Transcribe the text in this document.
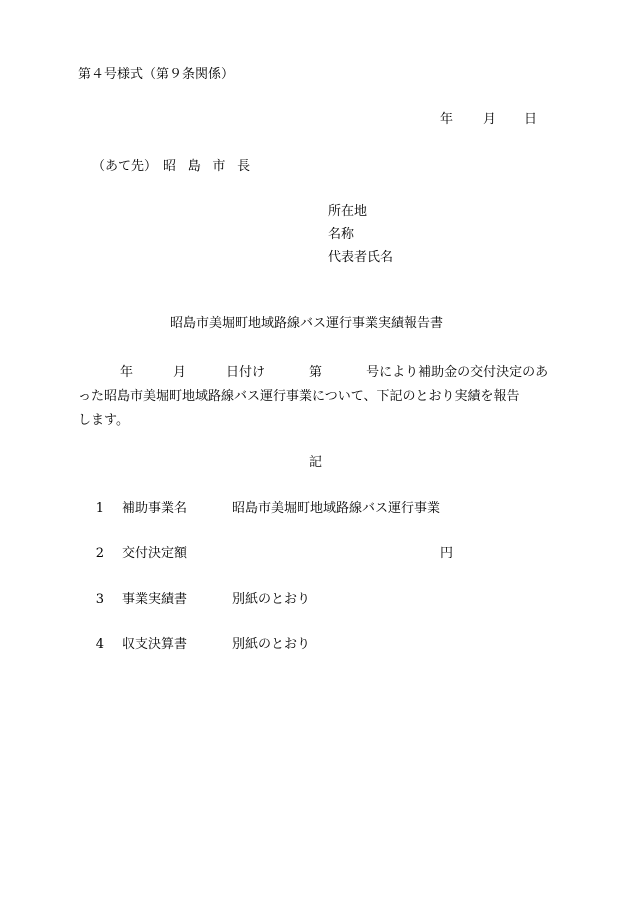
第４号様式（第９条関係）
年 月 日
（あて先） 昭島市長
所在地
名称
代表者氏名
昭島市美堀町地域路線バス運行事業実績報告書
年	月	日付け	第	号により補助金の交付決定のあ
った昭島市美堀町地域路線バス運行事業について、下記のとおり実績を報告
します。
記
1 補助事業名	昭島市美堀町地域路線バス運行事業
2 交付決定額	円
3 事業実績書	別紙のとおり
4 収支決算書	別紙のとおり
